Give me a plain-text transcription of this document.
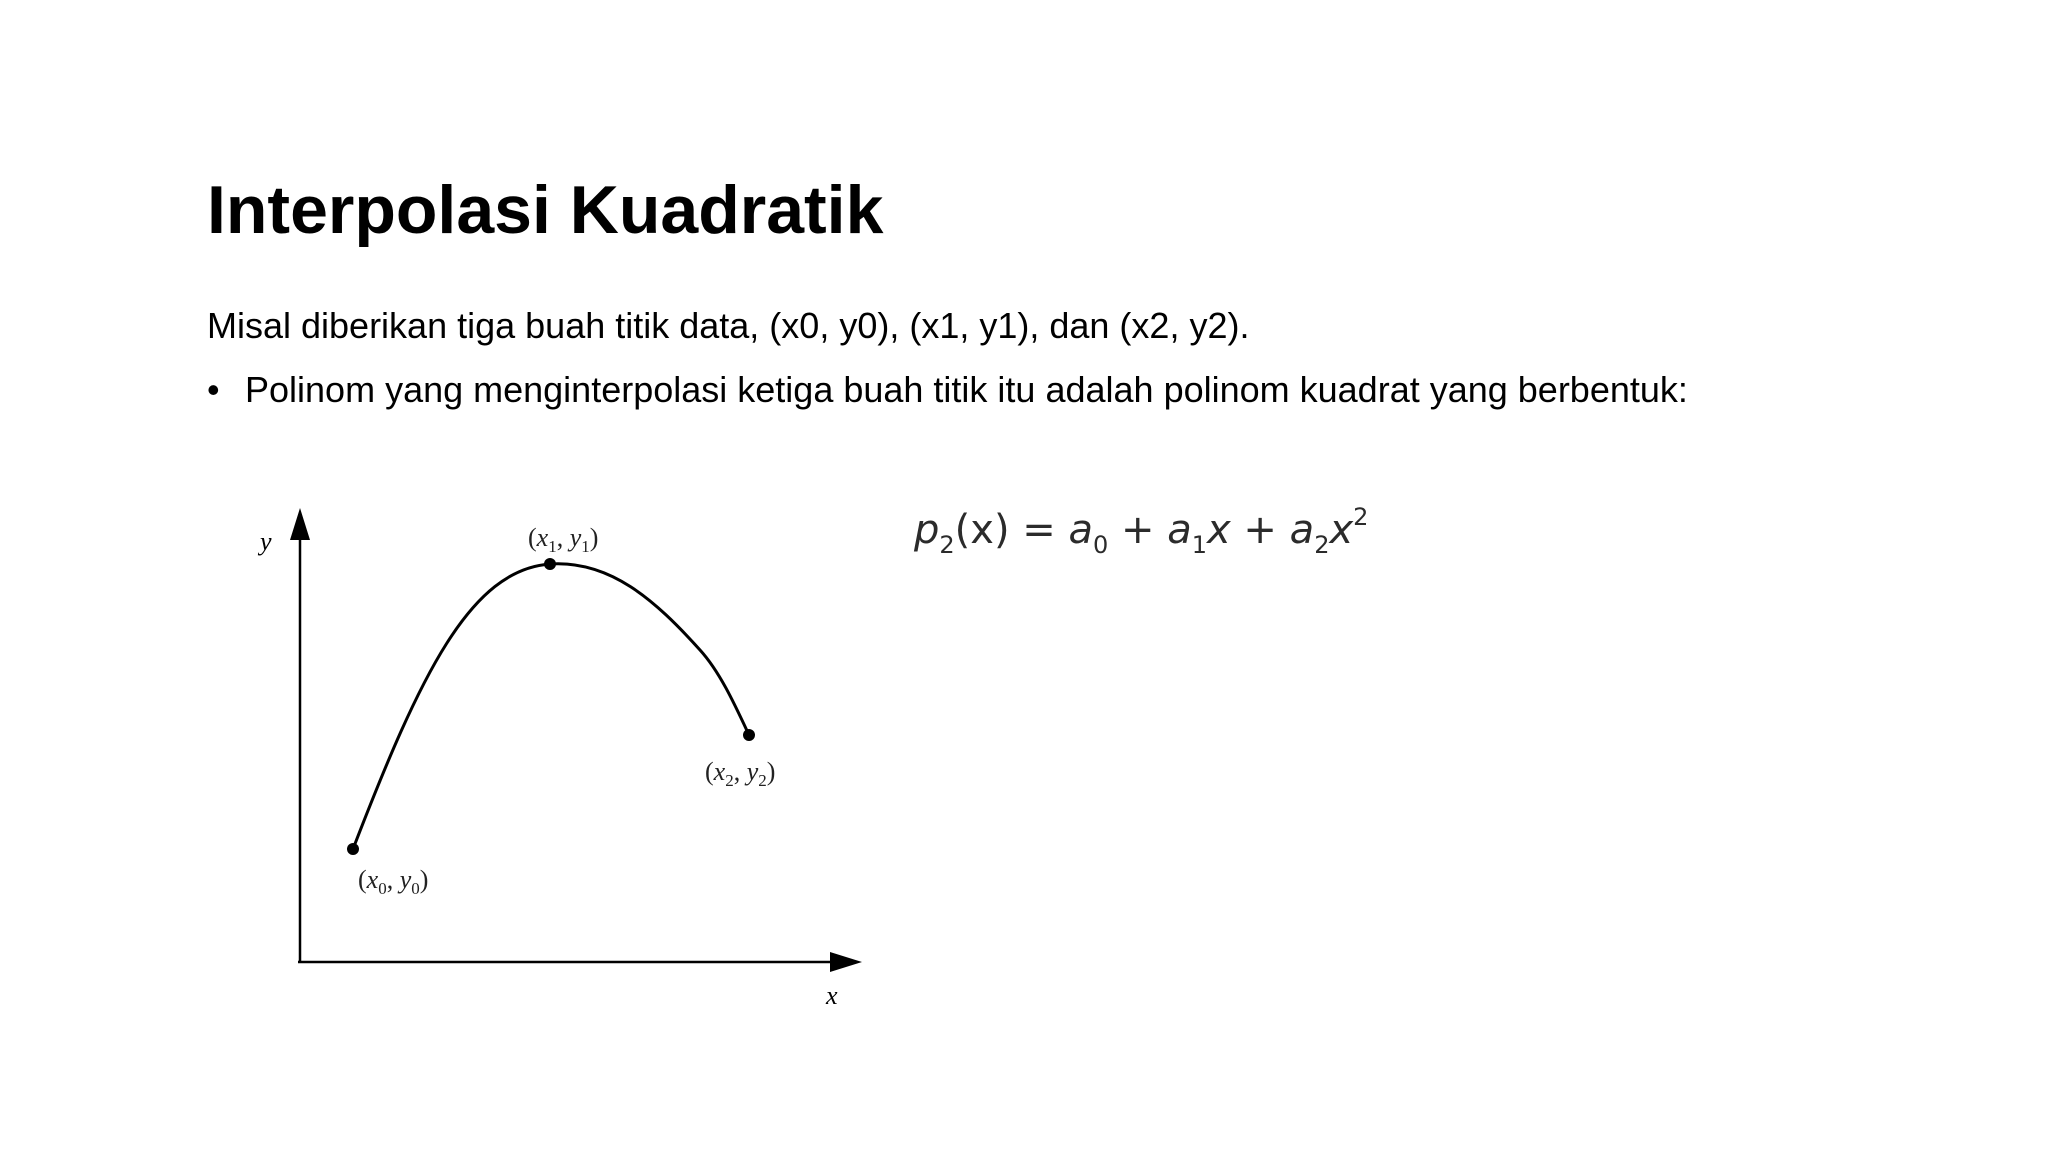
Interpolasi Kuadratik

Misal diberikan tiga buah titik data, (x0, y0), (x1, y1), dan (x2, y2).

• Polinom yang menginterpolasi ketiga buah titik itu adalah polinom kuadrat yang berbentuk:

y
x
($x_0$, $y_0$)
($x_1$, $y_1$)
($x_2$, $y_2$)
$p_2(x) = a_0 + a_1x + a_2x^2$
